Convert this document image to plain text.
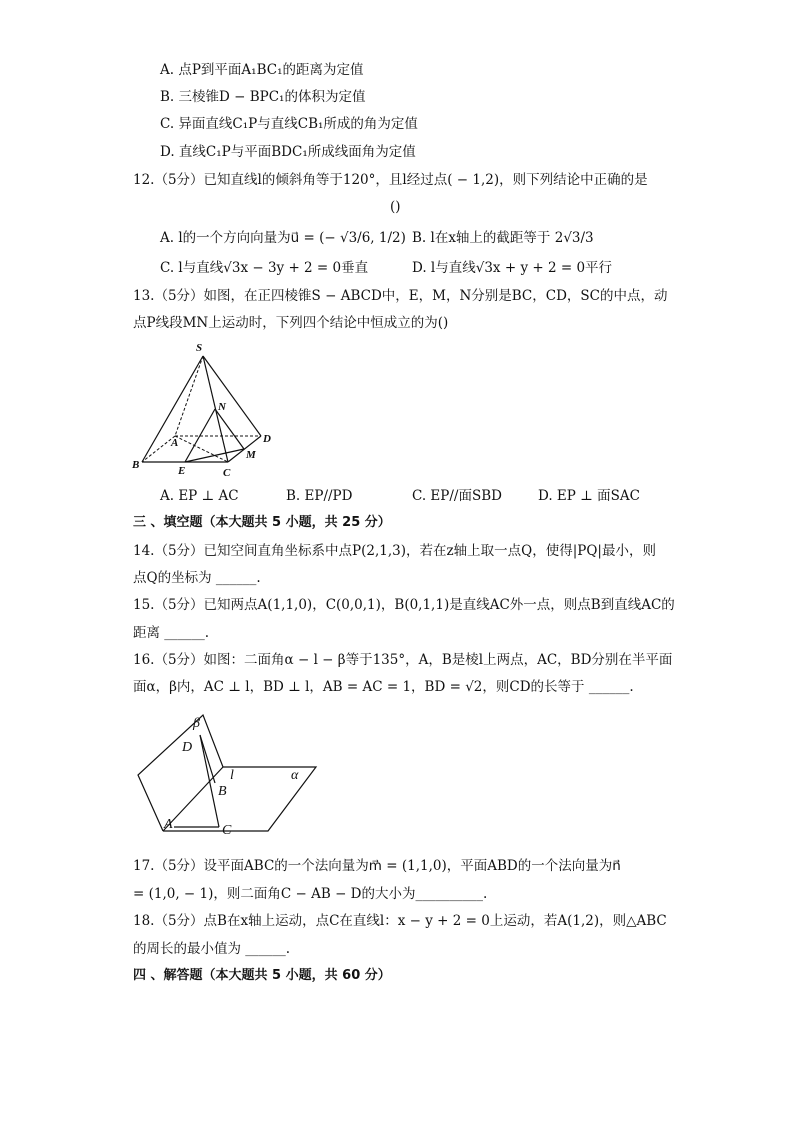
A. 点P到平面A₁BC₁的距离为定值
B. 三棱锥D − BPC₁的体积为定值
C. 异面直线C₁P与直线CB₁所成的角为定值
D. 直线C₁P与平面BDC₁所成线面角为定值
12.（5分）已知直线l的倾斜角等于120°，且l经过点( − 1,2)，则下列结论中正确的是
()
A. l的一个方向向量为u⃗ = (− √3/6, 1/2) B. l在x轴上的截距等于 2√3/3
C. l与直线√3x − 3y + 2 = 0垂直	D. l与直线√3x + y + 2 = 0平行
13.（5分）如图，在正四棱锥S − ABCD中，E，M，N分别是BC，CD，SC的中点，动
点P线段MN上运动时，下列四个结论中恒成立的为()
S
N
A	D
M
B	E	C
A. EP ⊥ AC	B. EP//PD	C. EP//面SBD	D. EP ⊥ 面SAC
三 、填空题（本大题共 5 小题，共 25 分）
14.（5分）已知空间直角坐标系中点P(2,1,3)，若在z轴上取一点Q，使得|PQ|最小，则
点Q的坐标为 ______.
15.（5分）已知两点A(1,1,0)，C(0,0,1)，B(0,1,1)是直线AC外一点，则点B到直线AC的
距离 ______.
16.（5分）如图：二面角α − l − β等于135°，A，B是棱l上两点，AC，BD分别在半平面
面α，β内，AC ⊥ l，BD ⊥ l，AB = AC = 1，BD = √2，则CD的长等于 ______.
β
D
l	α
B
A	C
17.（5分）设平面ABC的一个法向量为m⃗ = (1,1,0)，平面ABD的一个法向量为n⃗
= (1,0, − 1)，则二面角C − AB − D的大小为__________.
18.（5分）点B在x轴上运动，点C在直线l：x − y + 2 = 0上运动，若A(1,2)，则△ABC
的周长的最小值为 ______.
四 、解答题（本大题共 5 小题，共 60 分）
